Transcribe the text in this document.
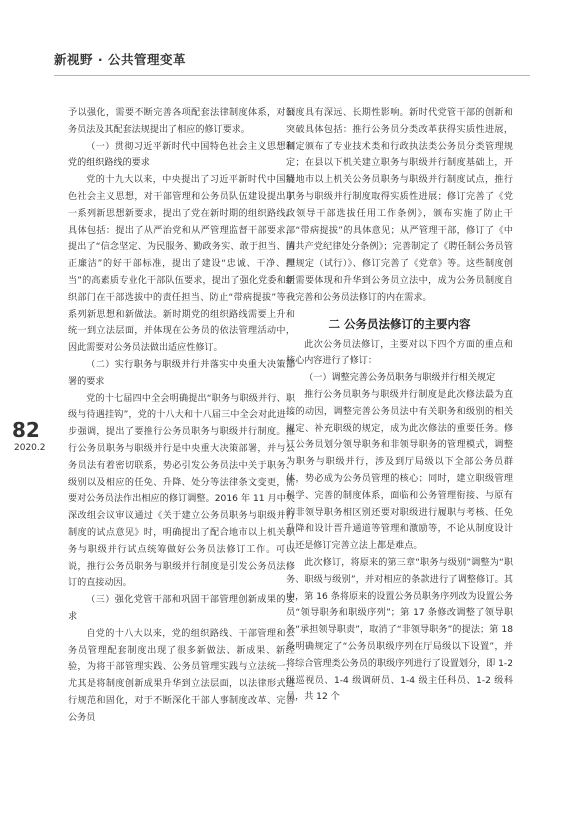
新视野 · 公共管理变革
82
2020.2

予以强化，需要不断完善各项配套法律制度体系，对公务员法及其配套法规提出了相应的修订要求。

（一）贯彻习近平新时代中国特色社会主义思想和党的组织路线的要求

党的十九大以来，中央提出了习近平新时代中国特色社会主义思想，对干部管理和公务员队伍建设提出了一系列新思想新要求，提出了党在新时期的组织路线。具体包括：提出了从严治党和从严管理监督干部要求，提出了“信念坚定、为民服务、勤政务实、敢于担当、清正廉洁”的好干部标准，提出了建设“忠诚、干净、担当”的高素质专业化干部队伍要求，提出了强化党委和组织部门在干部选拔中的责任担当、防止“带病提拔”等一系列新思想和新做法。新时期党的组织路线需要上升和统一到立法层面，并体现在公务员的依法管理活动中，因此需要对公务员法做出适应性修订。

（二）实行职务与职级并行并落实中央重大决策部署的要求

党的十七届四中全会明确提出“职务与职级并行、职级与待遇挂钩”，党的十八大和十八届三中全会对此进一步强调，提出了要推行公务员职务与职级并行制度。推行公务员职务与职级并行是中央重大决策部署，并与公务员法有着密切联系，势必引发公务员法中关于职务、级别以及相应的任免、升降、处分等法律条文变更，需要对公务员法作出相应的修订调整。2016 年 11 月中央深改组会议审议通过《关于建立公务员职务与职级并行制度的试点意见》时，明确提出了配合地市以上机关职务与职级并行试点统筹做好公务员法修订工作。可以说，推行公务员职务与职级并行制度是引发公务员法修订的直接动因。

（三）强化党管干部和巩固干部管理创新成果的要求

自党的十八大以来，党的组织路线、干部管理和公务员管理配套制度出现了很多新做法、新成果、新经验，为将干部管理实践、公务员管理实践与立法统一，尤其是将制度创新成果升华到立法层面，以法律形式进行规范和固化，对于不断深化干部人事制度改革、完善公务员

制度具有深远、长期性影响。新时代党管干部的创新和突破具体包括：推行公务员分类改革获得实质性进展，制定颁布了专业技术类和行政执法类公务员分类管理规定；在县以下机关建立职务与职级并行制度基础上，开展地市以上机关公务员职务与职级并行制度试点，推行职务与职级并行制度取得实质性进展；修订完善了《党政领导干部选拔任用工作条例》，颁布实施了防止干部“带病提拔”的具体意见；从严管理干部，修订了《中国共产党纪律处分条例》；完善制定了《聘任制公务员管理规定（试行）》、修订完善了《党章》等。这些制度创新需要体现和升华到公务员立法中，成为公务员制度自我完善和公务员法修订的内在需求。

二 公务员法修订的主要内容

此次公务员法修订，主要对以下四个方面的重点和核心内容进行了修订：

（一）调整完善公务员职务与职级并行相关规定

推行公务员职务与职级并行制度是此次修法最为直接的动因，调整完善公务员法中有关职务和级别的相关规定、补充职级的规定，成为此次修法的重要任务。修订公务员划分领导职务和非领导职务的管理模式，调整为职务与职级并行，涉及到厅局级以下全部公务员群体，势必成为公务员管理的核心；同时，建立职级管理科学、完善的制度体系，面临和公务管理衔接、与原有的非领导职务相区别还要对职级进行履职与考核、任免升降和设计晋升通道等管理和激励等，不论从制度设计上还是修订完善立法上都是难点。

此次修订，将原来的第三章“职务与级别”调整为“职务、职级与级别”，并对相应的条款进行了调整修订。其中，第 16 条将原来的设置公务员职务序列改为设置公务员“领导职务和职级序列”；第 17 条修改调整了领导职务“承担领导职责”，取消了“非领导职务”的提法；第 18 条明确规定了“公务员职级序列在厅局级以下设置”，并将综合管理类公务员的职级序列进行了设置划分，即 1-2 级巡视员、1-4 级调研员、1-4 级主任科员、1-2 级科员，共 12 个
